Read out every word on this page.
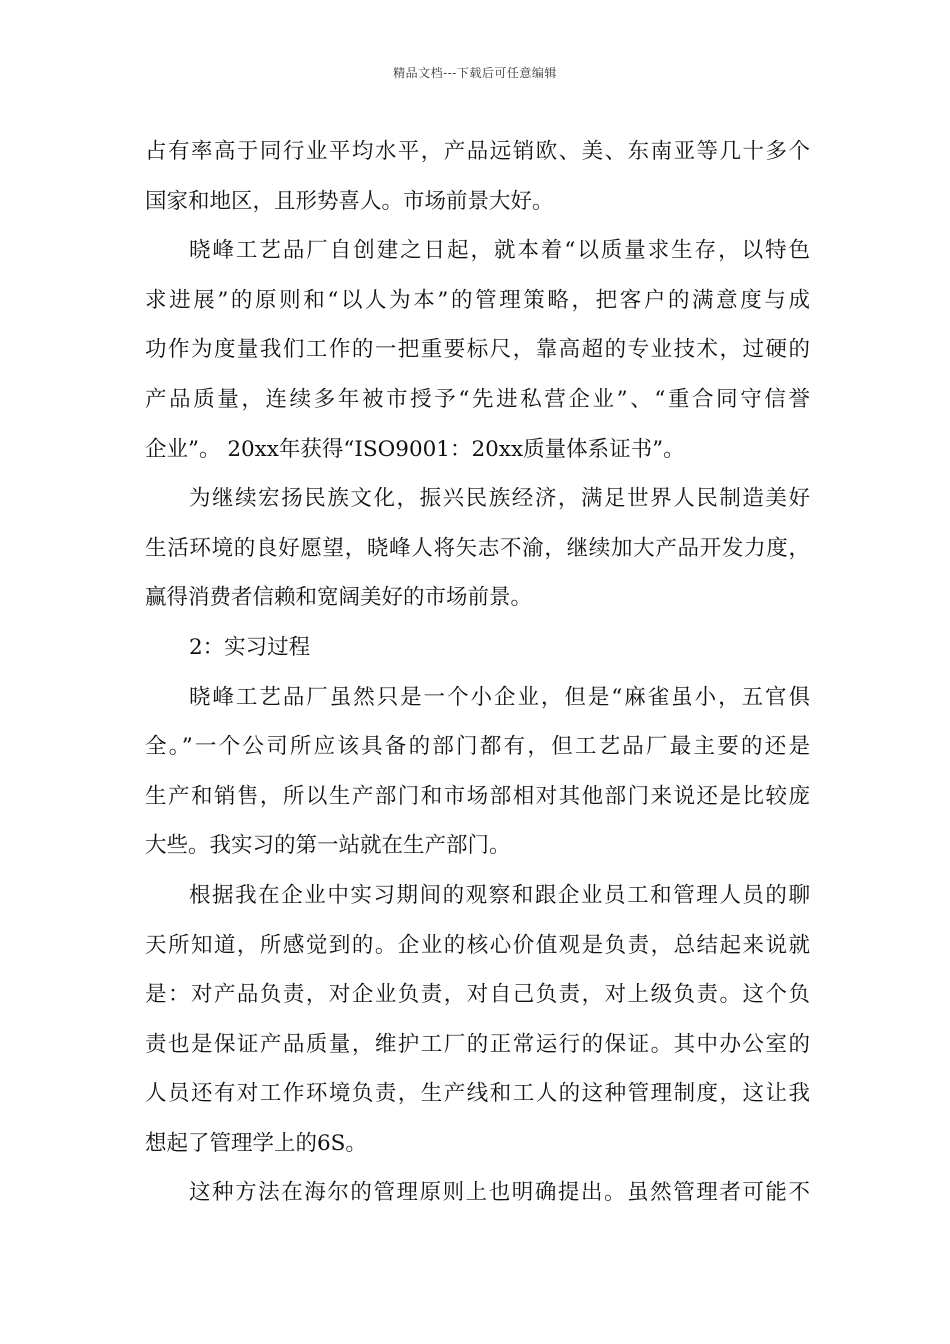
精品文档---下载后可任意编辑
占有率高于同行业平均水平，产品远销欧、美、东南亚等几十多个
国家和地区，且形势喜人。市场前景大好。
晓峰工艺品厂自创建之日起，就本着“以质量求生存，以特色
求进展”的原则和“以人为本”的管理策略，把客户的满意度与成
功作为度量我们工作的一把重要标尺，靠高超的专业技术，过硬的
产品质量，连续多年被市授予“先进私营企业”、“重合同守信誉
企业”。 20xx年获得“ISO9001：20xx质量体系证书”。
为继续宏扬民族文化，振兴民族经济，满足世界人民制造美好
生活环境的良好愿望，晓峰人将矢志不渝，继续加大产品开发力度，
赢得消费者信赖和宽阔美好的市场前景。
2：实习过程
晓峰工艺品厂虽然只是一个小企业，但是“麻雀虽小，五官俱
全。”一个公司所应该具备的部门都有，但工艺品厂最主要的还是
生产和销售，所以生产部门和市场部相对其他部门来说还是比较庞
大些。我实习的第一站就在生产部门。
根据我在企业中实习期间的观察和跟企业员工和管理人员的聊
天所知道，所感觉到的。企业的核心价值观是负责，总结起来说就
是：对产品负责，对企业负责，对自己负责，对上级负责。这个负
责也是保证产品质量，维护工厂的正常运行的保证。其中办公室的
人员还有对工作环境负责，生产线和工人的这种管理制度，这让我
想起了管理学上的6S。
这种方法在海尔的管理原则上也明确提出。虽然管理者可能不
